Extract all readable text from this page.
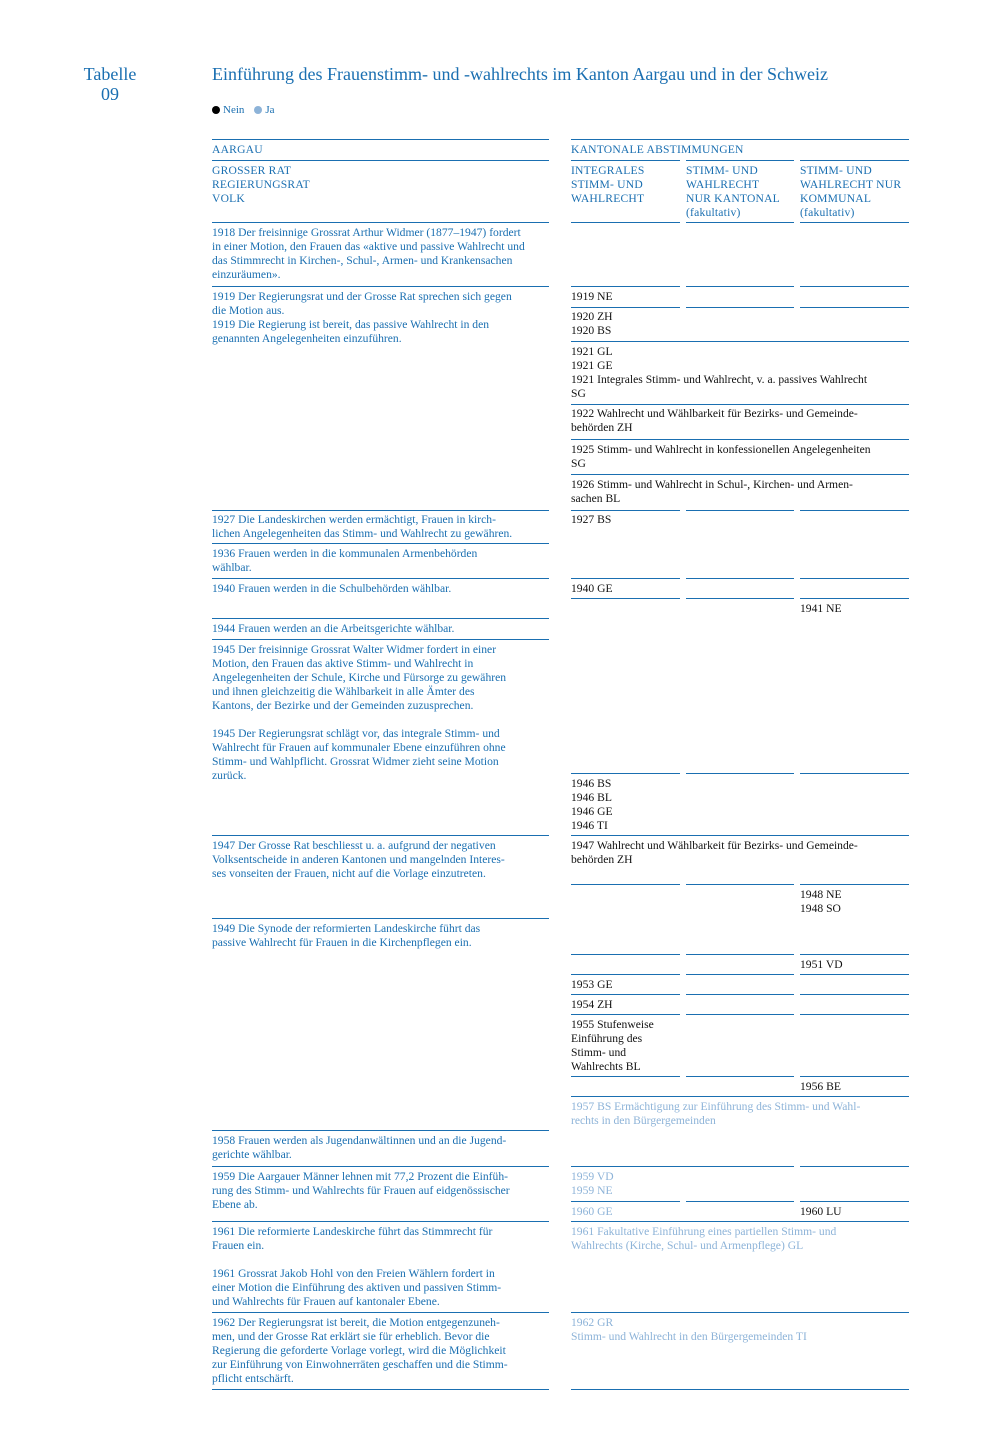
Tabelle
09
Einführung des Frauenstimm- und -wahlrechts im Kanton Aargau und in der Schweiz
Nein Ja
AARGAU	KANTONALE ABSTIMMUNGEN
GROSSER RAT
REGIERUNGSRAT
VOLK
INTEGRALES
STIMM- UND
WAHLRECHT
STIMM- UND
WAHLRECHT
NUR KANTONAL
(fakultativ)
STIMM- UND
WAHLRECHT NUR
KOMMUNAL
(fakultativ)
1918 Der freisinnige Grossrat Arthur Widmer (1877–1947) fordert
in einer Motion, den Frauen das «aktive und passive Wahlrecht und
das Stimmrecht in Kirchen-, Schul-, Armen- und Krankensachen
einzuräumen».
1919 Der Regierungsrat und der Grosse Rat sprechen sich gegen
die Motion aus.
1919 Die Regierung ist bereit, das passive Wahlrecht in den
genannten Angelegenheiten einzuführen.
1927 Die Landeskirchen werden ermächtigt, Frauen in kirch-
lichen Angelegenheiten das Stimm- und Wahlrecht zu gewähren.
1936 Frauen werden in die kommunalen Armenbehörden
wählbar.
1940 Frauen werden in die Schulbehörden wählbar.
1944 Frauen werden an die Arbeitsgerichte wählbar.
1945 Der freisinnige Grossrat Walter Widmer fordert in einer
Motion, den Frauen das aktive Stimm- und Wahlrecht in
Angelegenheiten der Schule, Kirche und Fürsorge zu gewähren
und ihnen gleichzeitig die Wählbarkeit in alle Ämter des
Kantons, der Bezirke und der Gemeinden zuzusprechen.
1945 Der Regierungsrat schlägt vor, das integrale Stimm- und
Wahlrecht für Frauen auf kommunaler Ebene einzuführen ohne
Stimm- und Wahlpflicht. Grossrat Widmer zieht seine Motion
zurück.
1947 Der Grosse Rat beschliesst u. a. aufgrund der negativen
Volksentscheide in anderen Kantonen und mangelnden Interes-
ses vonseiten der Frauen, nicht auf die Vorlage einzutreten.
1949 Die Synode der reformierten Landeskirche führt das
passive Wahlrecht für Frauen in die Kirchenpflegen ein.
1958 Frauen werden als Jugendanwältinnen und an die Jugend-
gerichte wählbar.
1959 Die Aargauer Männer lehnen mit 77,2 Prozent die Einfüh-
rung des Stimm- und Wahlrechts für Frauen auf eidgenössischer
Ebene ab.
1961 Die reformierte Landeskirche führt das Stimmrecht für
Frauen ein.
1961 Grossrat Jakob Hohl von den Freien Wählern fordert in
einer Motion die Einführung des aktiven und passiven Stimm-
und Wahlrechts für Frauen auf kantonaler Ebene.
1962 Der Regierungsrat ist bereit, die Motion entgegenzuneh-
men, und der Grosse Rat erklärt sie für erheblich. Bevor die
Regierung die geforderte Vorlage vorlegt, wird die Möglichkeit
zur Einführung von Einwohnerräten geschaffen und die Stimm-
pflicht entschärft.
1919 NE
1920 ZH
1920 BS
1921 GL
1921 GE
1921 Integrales Stimm- und Wahlrecht, v. a. passives Wahlrecht
SG
1922 Wahlrecht und Wählbarkeit für Bezirks- und Gemeinde-
behörden ZH
1925 Stimm- und Wahlrecht in konfessionellen Angelegenheiten
SG
1926 Stimm- und Wahlrecht in Schul-, Kirchen- und Armen-
sachen BL
1927 BS
1940 GE
1941 NE
1946 BS
1946 BL
1946 GE
1946 TI
1947 Wahlrecht und Wählbarkeit für Bezirks- und Gemeinde-
behörden ZH
1948 NE
1948 SO
1951 VD
1953 GE
1954 ZH
1955 Stufenweise
Einführung des
Stimm- und
Wahlrechts BL
1956 BE
1957 BS Ermächtigung zur Einführung des Stimm- und Wahl-
rechts in den Bürgergemeinden
1959 VD
1959 NE
1960 GE	1960 LU
1961 Fakultative Einführung eines partiellen Stimm- und
Wahlrechts (Kirche, Schul- und Armenpflege) GL
1962 GR
Stimm- und Wahlrecht in den Bürgergemeinden TI
